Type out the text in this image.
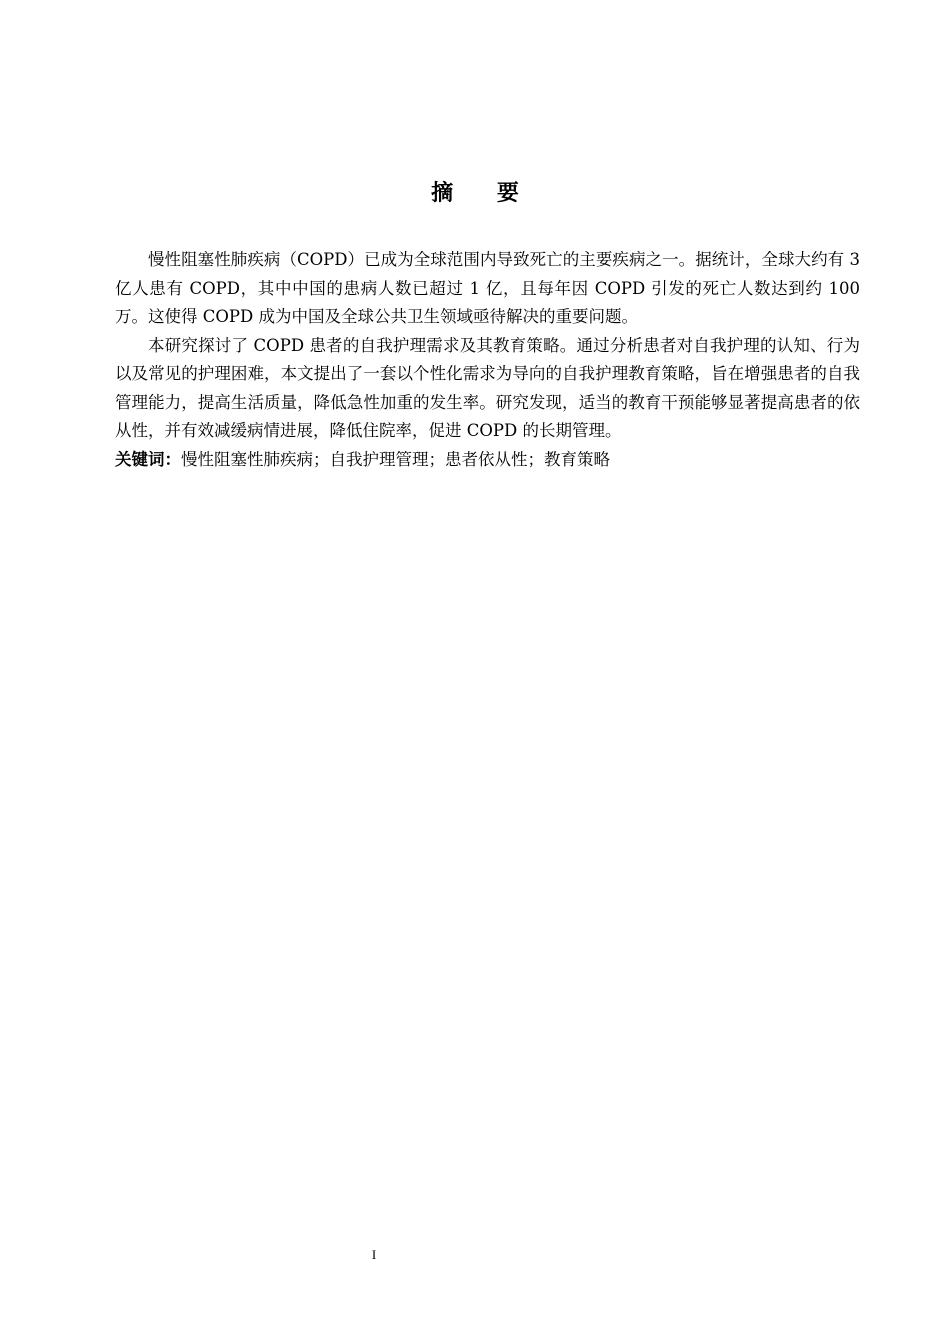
摘 要

慢性阻塞性肺疾病（COPD）已成为全球范围内导致死亡的主要疾病之一。据统计，全球大约有 3 亿人患有 COPD，其中中国的患病人数已超过 1 亿，且每年因 COPD 引发的死亡人数达到约 100 万。这使得 COPD 成为中国及全球公共卫生领域亟待解决的重要问题。

本研究探讨了 COPD 患者的自我护理需求及其教育策略。通过分析患者对自我护理的认知、行为以及常见的护理困难，本文提出了一套以个性化需求为导向的自我护理教育策略，旨在增强患者的自我管理能力，提高生活质量，降低急性加重的发生率。研究发现，适当的教育干预能够显著提高患者的依从性，并有效减缓病情进展，降低住院率，促进 COPD 的长期管理。

关键词：慢性阻塞性肺疾病；自我护理管理；患者依从性；教育策略

I
